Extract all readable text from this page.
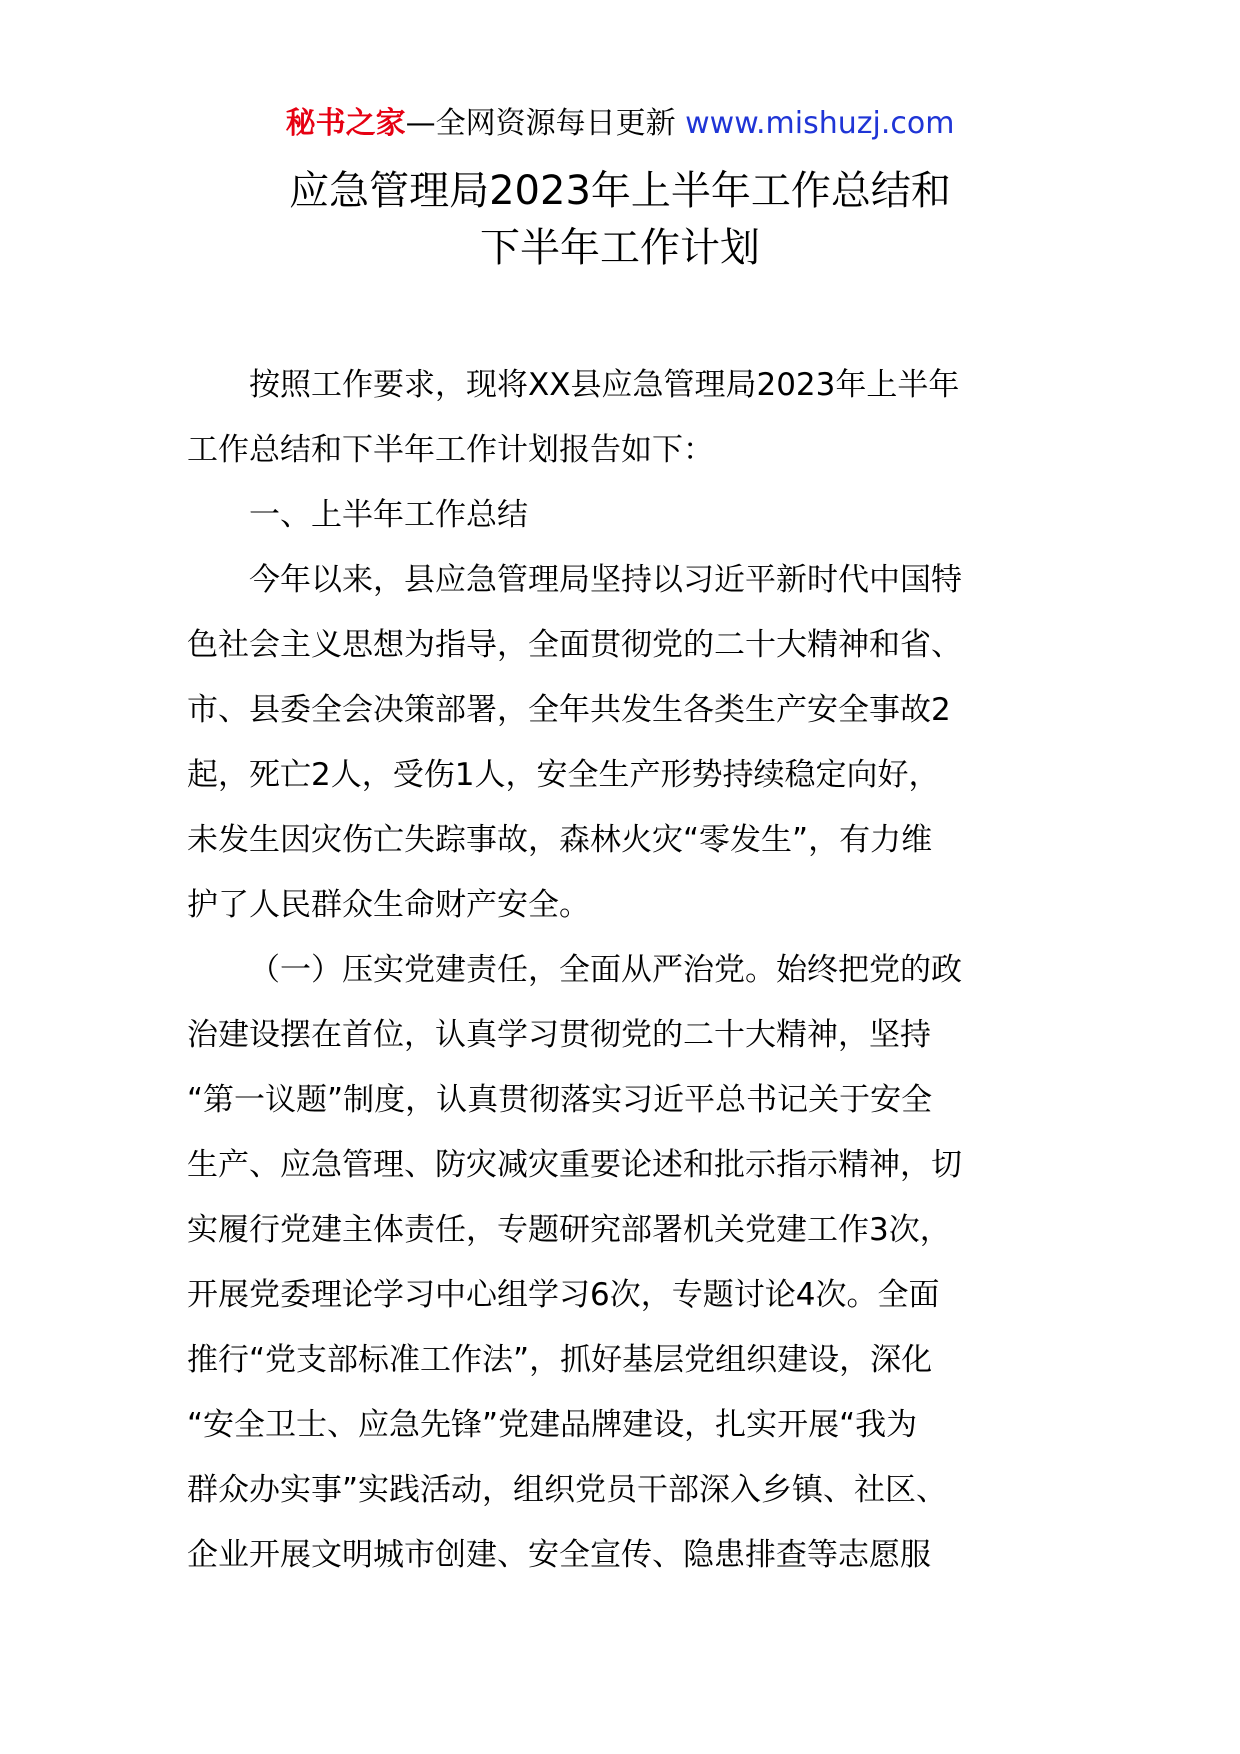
秘书之家—全网资源每日更新 www.mishuzj.com
应急管理局2023年上半年工作总结和
下半年工作计划
按照工作要求，现将XX县应急管理局2023年上半年
工作总结和下半年工作计划报告如下：
一、上半年工作总结
今年以来，县应急管理局坚持以习近平新时代中国特
色社会主义思想为指导，全面贯彻党的二十大精神和省、
市、县委全会决策部署，全年共发生各类生产安全事故2
起，死亡2人，受伤1人，安全生产形势持续稳定向好，
未发生因灾伤亡失踪事故，森林火灾“零发生”，有力维
护了人民群众生命财产安全。
（一）压实党建责任，全面从严治党。始终把党的政
治建设摆在首位，认真学习贯彻党的二十大精神，坚持
“第一议题”制度，认真贯彻落实习近平总书记关于安全
生产、应急管理、防灾减灾重要论述和批示指示精神，切
实履行党建主体责任，专题研究部署机关党建工作3次，
开展党委理论学习中心组学习6次，专题讨论4次。全面
推行“党支部标准工作法”，抓好基层党组织建设，深化
“安全卫士、应急先锋”党建品牌建设，扎实开展“我为
群众办实事”实践活动，组织党员干部深入乡镇、社区、
企业开展文明城市创建、安全宣传、隐患排查等志愿服
